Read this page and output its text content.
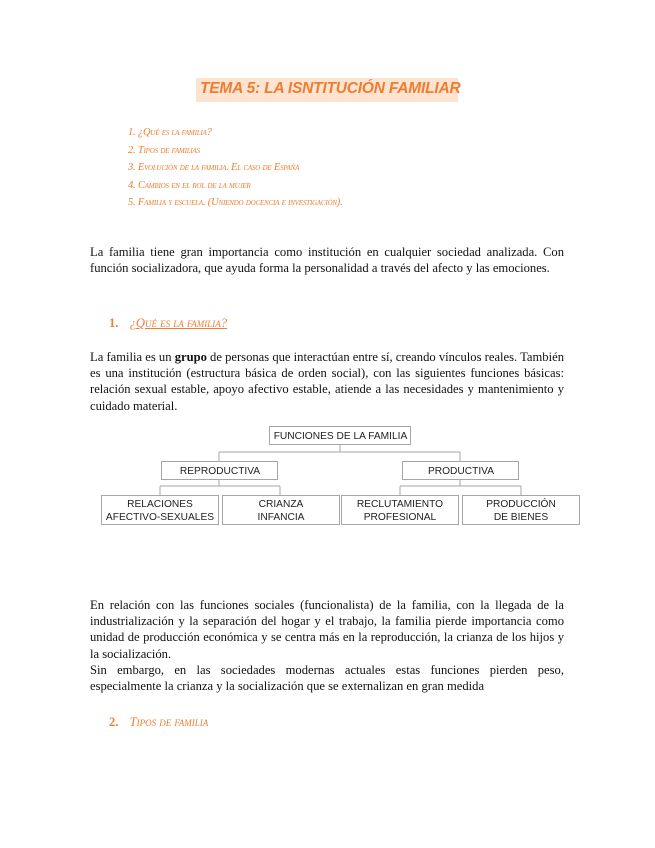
TEMA 5: LA ISNTITUCIÓN FAMILIAR
1. ¿Qué es la familia?
2. Tipos de familias
3. Evolución de la familia. El caso de España
4. Cambios en el rol de la mujer
5. Familia y escuela. (Uniendo docencia e investigación).

La familia tiene gran importancia como institución en cualquier sociedad analizada. Con función socializadora, que ayuda forma la personalidad a través del afecto y las emociones.

1. ¿Qué es la familia?

La familia es un grupo de personas que interactúan entre sí, creando vínculos reales. También es una institución (estructura básica de orden social), con las siguientes funciones básicas: relación sexual estable, apoyo afectivo estable, atiende a las necesidades y mantenimiento y cuidado material.

FUNCIONES DE LA FAMILIA
REPRODUCTIVA	PRODUCTIVA
RELACIONES AFECTIVO-SEXUALES
CRIANZA INFANCIA
RECLUTAMIENTO PROFESIONAL
PRODUCCIÓN DE BIENES

En relación con las funciones sociales (funcionalista) de la familia, con la llegada de la industrialización y la separación del hogar y el trabajo, la familia pierde importancia como unidad de producción económica y se centra más en la reproducción, la crianza de los hijos y la socialización.

Sin embargo, en las sociedades modernas actuales estas funciones pierden peso, especialmente la crianza y la socialización que se externalizan en gran medida

2. Tipos de familia
